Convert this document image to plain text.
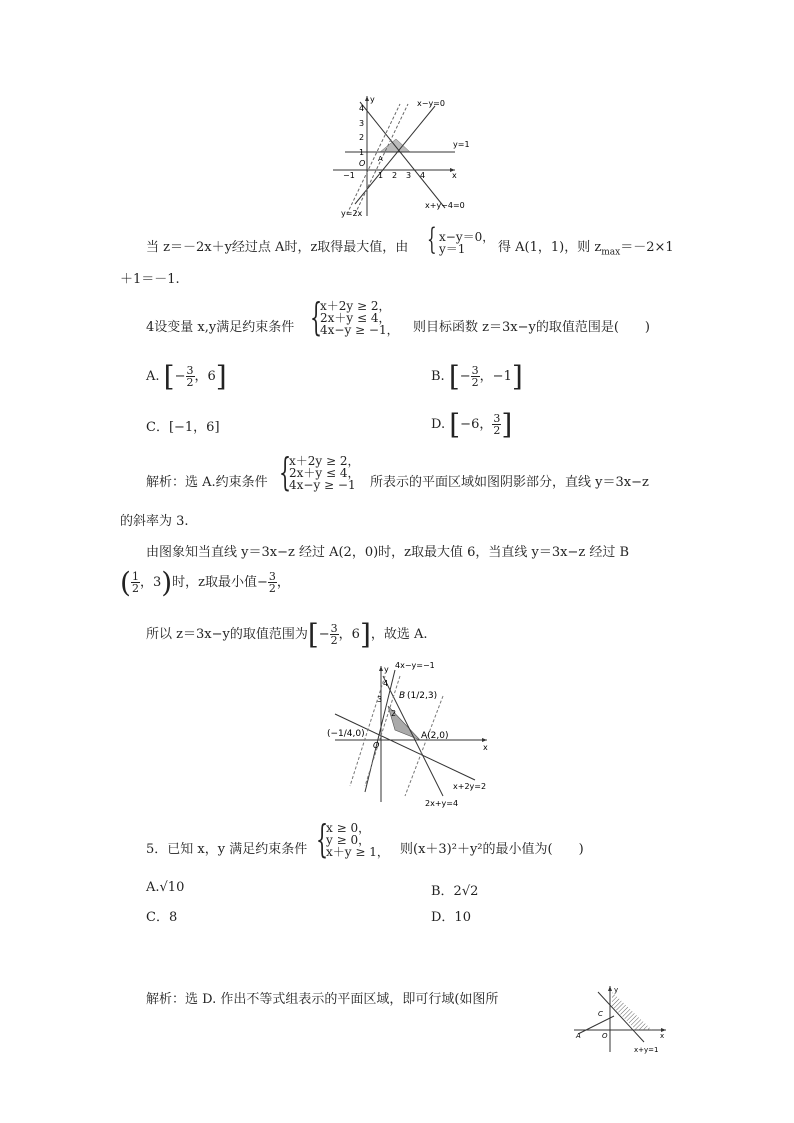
x−y=0
y=1
x+y−4=0
y=2x
y
x
O A
4
3
2
1
−1	1 2 3 4
当 z＝－2x＋y经过点 A时，z取得最大值，由 { x−y＝0，
y＝1	得 A(1，1)，则 $z_{max}=-2\times 1$
＋1＝－1.
4设变量 x,y满足约束条件 {
x＋2y ≥ 2，
2x＋y ≤ 4，
4x−y ≥ −1， 则目标函数 z＝3x−y的取值范围是(　　)
A. [− $\frac{3}{2}$ ，6]	B. [− $\frac{3}{2}$ ，−1]
C．[−1，6]	D. [−6， $\frac{3}{2}$ ]
解析：选 A.约束条件 {
x＋2y ≥ 2，
2x＋y ≤ 4，
4x−y ≥ −1	所表示的平面区域如图阴影部分，直线 y＝3x−z
的斜率为 3.
由图象知当直线 y＝3x−z 经过 A(2，0)时，z取最大值 6，当直线 y＝3x−z 经过 B
( $\frac{1}{2}$ ，3)时，z取最小值− $\frac{3}{2}$ ，
所以 z＝3x−y的取值范围为[− $\frac{3}{2}$ ，6]，故选 A.
4x−y=−1
x+2y=2
2x+y=4
B (1/2,3)
A(2,0)
(−1/4,0)
O	x
y
4
3
2
5．已知 x，y 满足约束条件 {
x ≥ 0，
y ≥ 0，
x＋y ≥ 1， 则(x＋3)²＋y²的最小值为(　　)
A.√10	B．2√2
C．8	D．10
解析：选 D. 作出不等式组表示的平面区域，即可行域(如图所
y
x
C
A	O
x+y=1
